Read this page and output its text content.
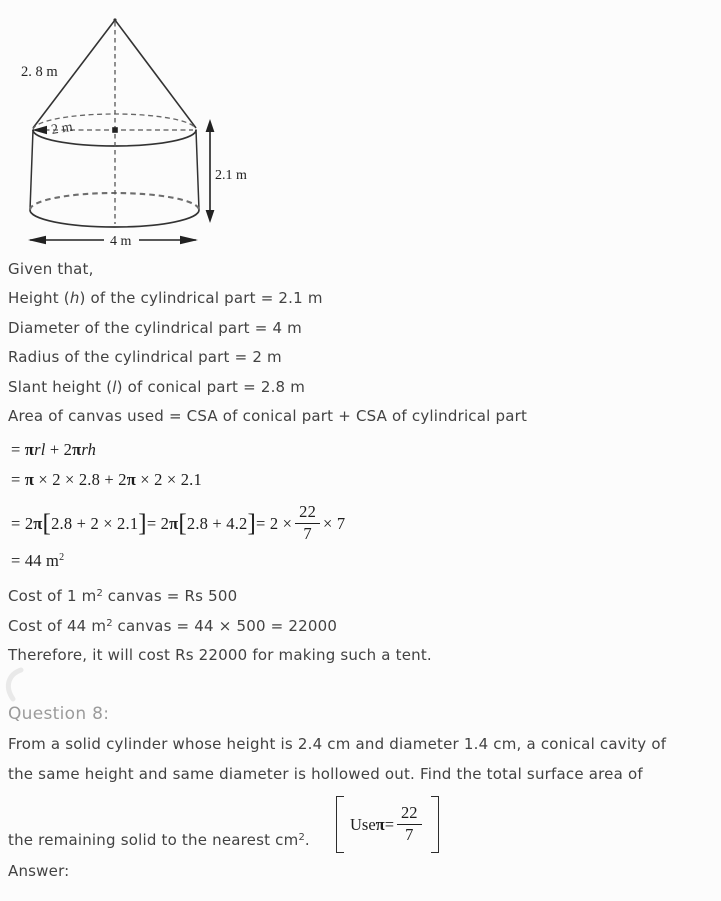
2. 8 m
2 m
2.1 m
4 m
Given that,
Height (h) of the cylindrical part = 2.1 m
Diameter of the cylindrical part = 4 m
Radius of the cylindrical part = 2 m
Slant height (l) of conical part = 2.8 m
Area of canvas used = CSA of conical part + CSA of cylindrical part
= πrl + 2πrh
= π × 2 × 2.8 + 2π × 2 × 2.1
= 2 π [ 2.8 + 2 × 2.1 ] = 2 π [ 2.8 + 4.2 ] = $2 \times \frac{22}{7} \times 7$
= 44 $m^2$
Cost of 1 $m^2$ canvas = Rs 500
Cost of 44 $m^2$ canvas = 44 × 500 = 22000
Therefore, it will cost Rs 22000 for making such a tent.
Question 8:
From a solid cylinder whose height is 2.4 cm and diameter 1.4 cm, a conical cavity of
the same height and same diameter is hollowed out. Find the total surface area of
the remaining solid to the nearest $cm^2$.
Use $\pi = \frac{22}{7}$
Answer:
